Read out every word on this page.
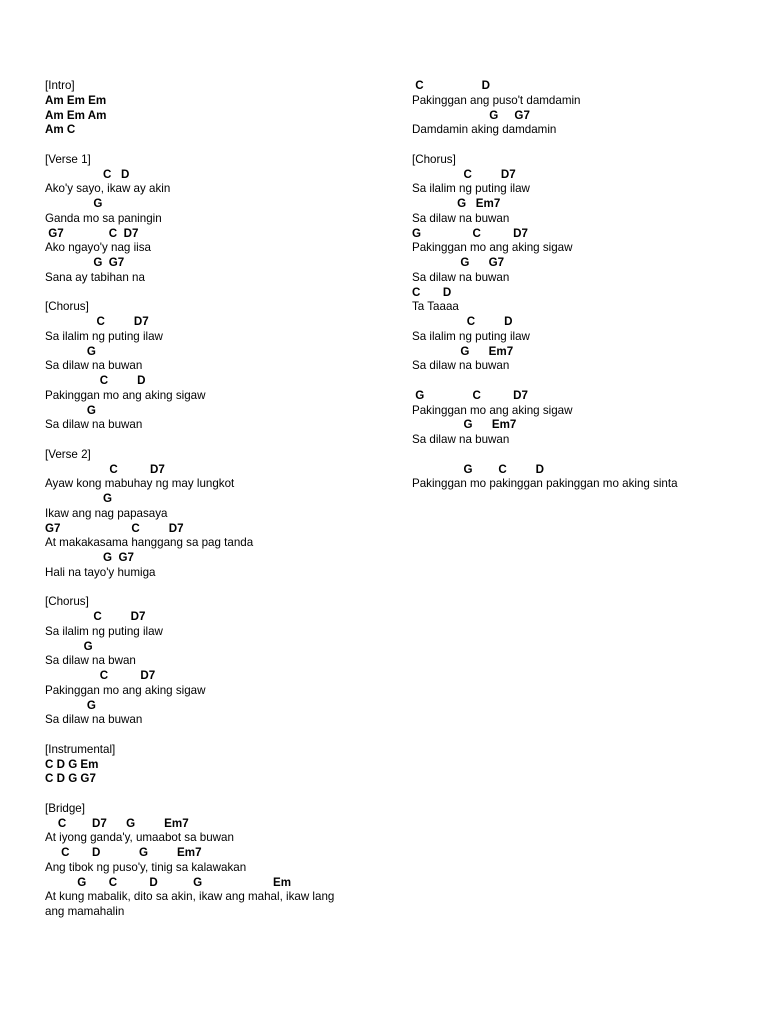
[Intro]
Am Em Em
Am Em Am
Am C
[Verse 1]
C   D
Ako'y sayo, ikaw ay akin
G
Ganda mo sa paningin
G7              C  D7
Ako ngayo'y nag iisa
G  G7
Sana ay tabihan na
[Chorus]
C         D7
Sa ilalim ng puting ilaw
G
Sa dilaw na buwan
C         D
Pakinggan mo ang aking sigaw
G
Sa dilaw na buwan
[Verse 2]
C          D7
Ayaw kong mabuhay ng may lungkot
G
Ikaw ang nag papasaya
G7                      C         D7
At makakasama hanggang sa pag tanda
G  G7
Hali na tayo'y humiga
[Chorus]
C         D7
Sa ilalim ng puting ilaw
G
Sa dilaw na bwan
C          D7
Pakinggan mo ang aking sigaw
G
Sa dilaw na buwan
[Instrumental]
C D G Em
C D G G7
[Bridge]
C        D7      G         Em7
At iyong ganda'y, umaabot sa buwan
C       D            G         Em7
Ang tibok ng puso'y, tinig sa kalawakan
G       C          D           G                      Em
At kung mabalik, dito sa akin, ikaw ang mahal, ikaw lang
ang mamahalin
C                  D
Pakinggan ang puso't damdamin
G     G7
Damdamin aking damdamin
[Chorus]
C         D7
Sa ilalim ng puting ilaw
G   Em7
Sa dilaw na buwan
G                C          D7
Pakinggan mo ang aking sigaw
G      G7
Sa dilaw na buwan
C       D
Ta Taaaa
C         D
Sa ilalim ng puting ilaw
G      Em7
Sa dilaw na buwan
G               C          D7
Pakinggan mo ang aking sigaw
G      Em7
Sa dilaw na buwan
G        C         D
Pakinggan mo pakinggan pakinggan mo aking sinta
